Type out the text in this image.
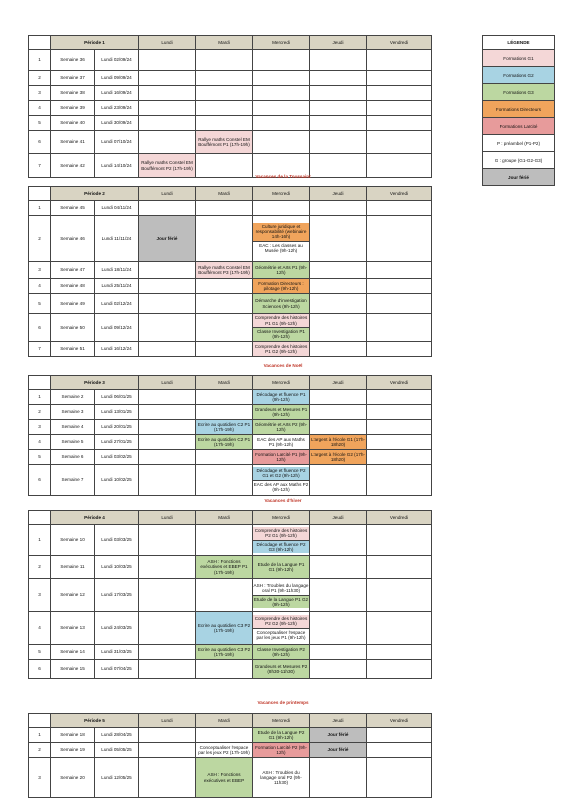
LÉGENDE
Formations G1
Formations G2
Formations G3
Formations Directeurs
Formations Laïcité
P : préambel (P1-P2)
G : groupe (G1-G2-G3)
Jour férié
	Période 1		Lundi	Mardi	Mercredi	Jeudi	Vendredi
1	Semaine 36	Lundi 02/09/24					
2	Semaine 37	Lundi 09/09/24					
3	Semaine 38	Lundi 16/09/24					
4	Semaine 39	Lundi 23/09/24					
5	Semaine 40	Lundi 30/09/24					
6	Semaine 41	Lundi 07/10/24		Rallye maths Constel EM Bouffémont P1 (17h-19h)			

7	Semaine 42	Lundi 14/10/24	Rallye maths Constel EM Bouffémont P2 (17h-19h)				

Vacances de la Toussaint
	Période 2		Lundi	Mardi	Mercredi	Jeudi	Vendredi
1	Semaine 45	Lundi 04/11/24					
2	Semaine 46	Lundi 11/11/24	Jour férié		Culture juridique et responsabilité (webinaire 14h-16h)
EAC : Les classes au Musée (9h-12h)		

3	Semaine 47	Lundi 18/11/24		Rallye maths Constel EM Bouffémont P3 (17h-19h)	Géométrie et Arts P1 (9h-12h)		

4	Semaine 48	Lundi 25/11/24			Formation Directeurs : pilotage (9h-12h)		

5	Semaine 49	Lundi 02/12/24			Démarche d'investigation Sciences (9h-12h)		

6	Semaine 50	Lundi 09/12/24			Comprendre des histoires P1 G1 (9h-12h)
Classe Investigation P1 (9h-12h)		

7	Semaine 51	Lundi 16/12/24			Comprendre des histoires P1 G2 (9h-12h)		

Vacances de Noël
	Période 3		Lundi	Mardi	Mercredi	Jeudi	Vendredi
1	Semaine 2	Lundi 06/01/25			Décodage et fluence P1 (9h-12h)		

2	Semaine 3	Lundi 13/01/25			Grandeurs et Mesures P1 (9h-12h)		

3	Semaine 4	Lundi 20/01/25		Ecrire au quotidien C2 P1 (17h-19h)	Géométrie et Arts P2 (9h-12h)		

4	Semaine 5	Lundi 27/01/25		Ecrire au quotidien C2 P1 (17h-19h)	EAC des AP aux Maths P1 (9h-12h)	L'argent à l'école G1 (17h-18h20)	

5	Semaine 6	Lundi 03/02/25			Formation Laïcité P1 (9h-12h)	L'argent à l'école G2 (17h-18h20)	

6	Semaine 7	Lundi 10/02/25			Décodage et fluence P2 G1 et G2 (9h-12h)
EAC des AP aux Maths P2 (9h-12h)		

Vacances d'hiver
	Période 4		Lundi	Mardi	Mercredi	Jeudi	Vendredi
1	Semaine 10	Lundi 03/03/25			Comprendre des histoires P2 G1 (9h-12h)
Décodage et fluence P2 G3 (9h-12h)		

2	Semaine 11	Lundi 10/03/25		ASH : Fonctions exécutives et EBEP P1 (17h-19h)	Etude de la Langue P1 G1 (9h-12h)		

3	Semaine 12	Lundi 17/03/25			ASH : Troubles du langage oral P1 (9h-11h30)
Etude de la Langue P1 G2 (9h-12h)		

4	Semaine 13	Lundi 24/03/25		Ecrire au quotidien C3 P2 (17h-19h)	Comprendre des histoires P2 G2 (9h-12h)
Conceptualiser l'espace par les jeux P1 (9h-12h)		

5	Semaine 14	Lundi 31/03/25		Ecrire au quotidien C3 P2 (17h-19h)	Classe Investigation P2 (9h-12h)		

6	Semaine 15	Lundi 07/04/25			Grandeurs et Mesures P2 (8h30-11h30)		

Vacances de printemps
	Période 5		Lundi	Mardi	Mercredi	Jeudi	Vendredi
1	Semaine 18	Lundi 28/04/25			Etude de la Langue P2 G1 (9h-12h)	Jour férié	

2	Semaine 19	Lundi 05/05/25		Conceptualiser l'espace par les jeux P2 (17h-19h)	Formation Laïcité P2 (9h-12h)	Jour férié	

3	Semaine 20	Lundi 12/05/25		ASH : Fonctions exécutives et EBEP	ASH : Troubles du langage oral P2 (9h-11h30)		
